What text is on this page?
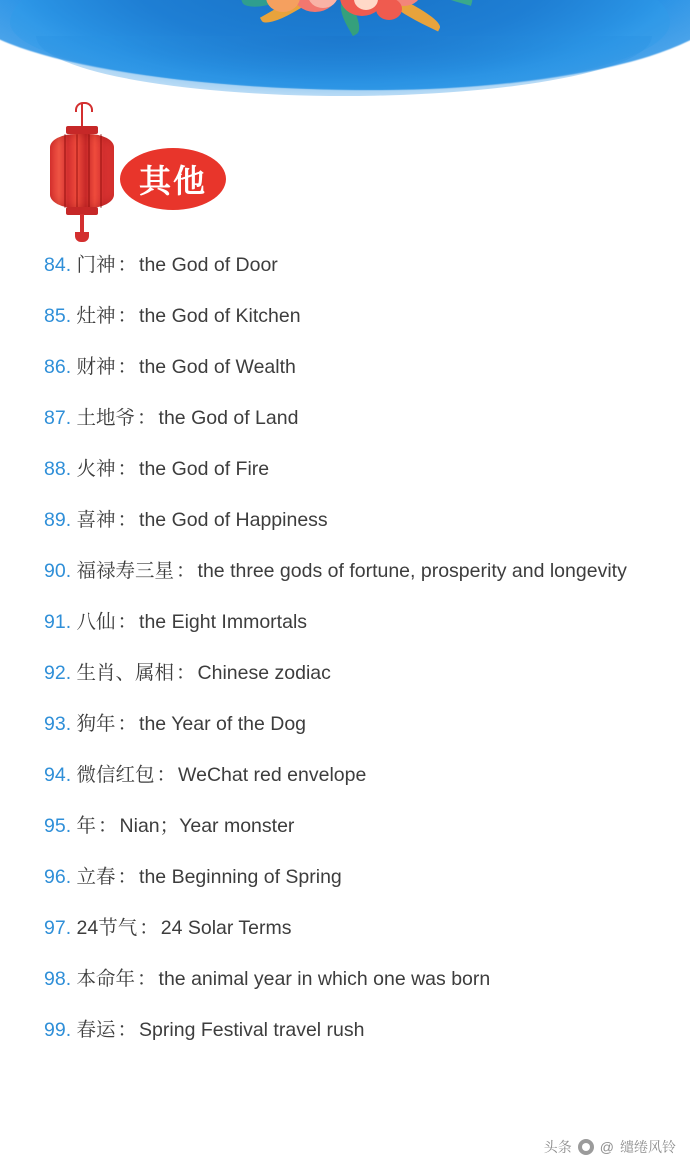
其他
84. 门神 ： the God of Door
85. 灶神 ： the God of Kitchen
86. 财神 ： the God of Wealth
87. 土地爷 ： the God of Land
88. 火神 ： the God of Fire
89. 喜神 ： the God of Happiness
90. 福禄寿三星 ： the three gods of fortune, prosperity and longevity
91. 八仙 ： the Eight Immortals
92. 生肖、属相 ： Chinese zodiac
93. 狗年 ： the Year of the Dog
94. 微信红包 ： WeChat red envelope
95. 年 ： Nian；Year monster
96. 立春 ： the Beginning of Spring
97. 24节气 ： 24 Solar Terms
98. 本命年 ： the animal year in which one was born
99. 春运 ： Spring Festival travel rush
头条 @ 缱绻风铃
